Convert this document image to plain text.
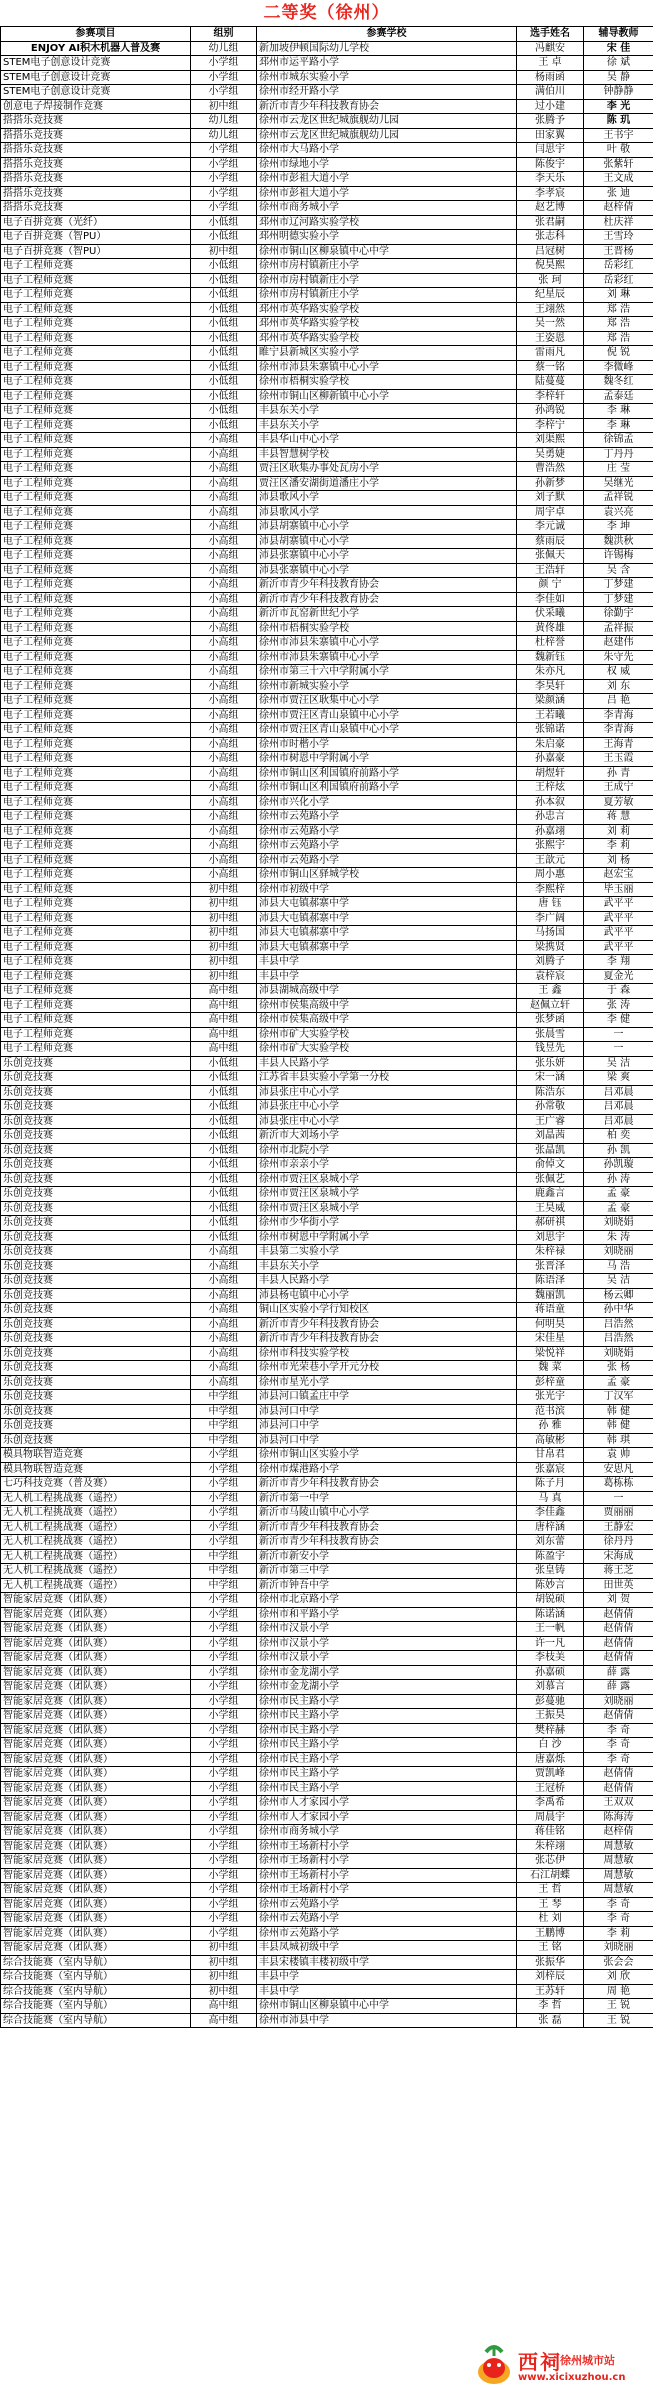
二等奖（徐州）
参赛项目	组别	参赛学校	选手姓名	辅导教师
ENJOY AI积木机器人普及赛	幼儿组	新加坡伊顿国际幼儿学校	冯麒安	宋 佳
STEM电子创意设计竞赛	小学组	邳州市运平路小学	王 卓	徐 斌
STEM电子创意设计竞赛	小学组	徐州市城东实验小学	杨雨函	吴 静
STEM电子创意设计竞赛	小学组	徐州市经开路小学	满伯川	钟静静
创意电子焊接制作竞赛	初中组	新沂市青少年科技教育协会	过小建	李 光
搭搭乐竞技赛	幼儿组	徐州市云龙区世纪城旗舰幼儿园	张腾予	陈 玑
搭搭乐竞技赛	幼儿组	徐州市云龙区世纪城旗舰幼儿园	田家翼	王书宇
搭搭乐竞技赛	小学组	徐州市大马路小学	闫思宇	叶 敬
搭搭乐竞技赛	小学组	徐州市绿地小学	陈俊宇	张紫轩
搭搭乐竞技赛	小学组	徐州市彭祖大道小学	李天乐	王文成
搭搭乐竞技赛	小学组	徐州市彭祖大道小学	李孝宸	张 迪
搭搭乐竞技赛	小学组	徐州市商务城小学	赵艺博	赵梓倩
电子百拼竞赛（光纤）	小低组	邳州市辽河路实验学校	张君嗣	杜庆祥
电子百拼竞赛（智PU）	小低组	邳州明德实验小学	张志科	王雪玲
电子百拼竞赛（智PU）	初中组	徐州市铜山区柳泉镇中心中学	吕冠树	王晋杨
电子工程师竞赛	小低组	徐州市房村镇新庄小学	倪昊熙	岳彩红
电子工程师竞赛	小低组	徐州市房村镇新庄小学	张 珂	岳彩红
电子工程师竞赛	小低组	徐州市房村镇新庄小学	纪星辰	刘 琳
电子工程师竞赛	小低组	邳州市英华路实验学校	王翊然	郑 浩
电子工程师竞赛	小低组	邳州市英华路实验学校	吴一然	郑 浩
电子工程师竞赛	小低组	邳州市英华路实验学校	王姿恩	郑 浩
电子工程师竞赛	小低组	睢宁县新城区实验小学	雷雨凡	倪 锐
电子工程师竞赛	小低组	徐州市沛县朱寨镇中心小学	蔡一铭	李微峰
电子工程师竞赛	小低组	徐州市梧桐实验学校	陆蔓蔓	魏冬红
电子工程师竞赛	小低组	徐州市铜山区柳新镇中心小学	李梓轩	孟泰廷
电子工程师竞赛	小低组	丰县东关小学	孙鸿锐	李 琳
电子工程师竞赛	小低组	丰县东关小学	李梓宁	李 琳
电子工程师竞赛	小高组	丰县华山中心小学	刘渠熙	徐锦孟
电子工程师竞赛	小高组	丰县智慧树学校	吴勇婕	丁丹丹
电子工程师竞赛	小高组	贾汪区耿集办事处瓦房小学	曹浩然	庄 莹
电子工程师竞赛	小高组	贾汪区潘安湖街道潘庄小学	孙新梦	吴继光
电子工程师竞赛	小高组	沛县歌风小学	刘子默	孟祥锐
电子工程师竞赛	小高组	沛县歌风小学	周宇卓	袁兴亮
电子工程师竞赛	小高组	沛县胡寨镇中心小学	李元诚	李 坤
电子工程师竞赛	小高组	沛县胡寨镇中心小学	蔡雨辰	魏洪秋
电子工程师竞赛	小高组	沛县张寨镇中心小学	张佩天	许锡梅
电子工程师竞赛	小高组	沛县张寨镇中心小学	王浩轩	吴 含
电子工程师竞赛	小高组	新沂市青少年科技教育协会	颜 宁	丁梦建
电子工程师竞赛	小高组	新沂市青少年科技教育协会	李佳如	丁梦建
电子工程师竞赛	小高组	新沂市瓦窑新世纪小学	伏采曦	徐勤宇
电子工程师竞赛	小高组	徐州市梧桐实验学校	黄佟雄	孟祥振
电子工程师竞赛	小高组	徐州市沛县朱寨镇中心小学	杜梓誉	赵建伟
电子工程师竞赛	小高组	徐州市沛县朱寨镇中心小学	魏新钰	朱守先
电子工程师竞赛	小高组	徐州市第三十六中学附属小学	朱亦凡	权 威
电子工程师竞赛	小高组	徐州市新城实验小学	李昊轩	刘 东
电子工程师竞赛	小高组	徐州市贾汪区耿集中心小学	梁颜涵	吕 艳
电子工程师竞赛	小高组	徐州市贾汪区青山泉镇中心小学	王若曦	李青海
电子工程师竞赛	小高组	徐州市贾汪区青山泉镇中心小学	张锦诺	李青海
电子工程师竞赛	小高组	徐州市时楷小学	朱启豪	王海青
电子工程师竞赛	小高组	徐州市树恩中学附属小学	孙嘉豪	王玉霞
电子工程师竞赛	小高组	徐州市铜山区利国镇府前路小学	胡煜轩	孙 青
电子工程师竞赛	小高组	徐州市铜山区利国镇府前路小学	王梓炫	王成宁
电子工程师竞赛	小高组	徐州市兴化小学	孙本叙	夏芳敏
电子工程师竞赛	小高组	徐州市云苑路小学	孙忠言	蒋 慧
电子工程师竞赛	小高组	徐州市云苑路小学	孙嘉翊	刘 莉
电子工程师竞赛	小高组	徐州市云苑路小学	张熙宇	李 莉
电子工程师竞赛	小高组	徐州市云苑路小学	王歆元	刘 杨
电子工程师竞赛	小高组	徐州市铜山区驿城学校	周小惠	赵宏宝
电子工程师竞赛	初中组	徐州市初级中学	李熙梓	毕玉丽
电子工程师竞赛	初中组	沛县大屯镇郝寨中学	唐 钰	武平平
电子工程师竞赛	初中组	沛县大屯镇郝寨中学	李广阔	武平平
电子工程师竞赛	初中组	沛县大屯镇郝寨中学	马扬国	武平平
电子工程师竞赛	初中组	沛县大屯镇郝寨中学	梁携贤	武平平
电子工程师竞赛	初中组	丰县中学	刘腾子	李 翔
电子工程师竞赛	初中组	丰县中学	袁梓宸	夏金光
电子工程师竞赛	高中组	沛县湖城高级中学	王 鑫	于 森
电子工程师竞赛	高中组	徐州市侯集高级中学	赵佩立轩	张 涛
电子工程师竞赛	高中组	徐州市侯集高级中学	张梦函	李 健
电子工程师竞赛	高中组	徐州市矿大实验学校	张晨雪	一
电子工程师竞赛	高中组	徐州市矿大实验学校	钱昱先	一
乐创竞技赛	小低组	丰县人民路小学	张乐妍	吴 洁
乐创竞技赛	小低组	江苏省丰县实验小学第一分校	宋一涵	梁 爽
乐创竞技赛	小低组	沛县张庄中心小学	陈浩东	吕邓晨
乐创竞技赛	小低组	沛县张庄中心小学	孙常敬	吕邓晨
乐创竞技赛	小低组	沛县张庄中心小学	王广睿	吕邓晨
乐创竞技赛	小低组	新沂市大刘场小学	刘晶茜	柏 奕
乐创竞技赛	小低组	徐州市北院小学	张晶凯	孙 凯
乐创竞技赛	小低组	徐州市亲亲小学	俞倬文	孙凯璇
乐创竞技赛	小低组	徐州市贾汪区泉城小学	张佩艺	孙 涛
乐创竞技赛	小低组	徐州市贾汪区泉城小学	鹿鑫言	孟 豪
乐创竞技赛	小低组	徐州市贾汪区泉城小学	王昊威	孟 豪
乐创竞技赛	小低组	徐州市少华街小学	郝研祺	刘晓娟
乐创竞技赛	小低组	徐州市树恩中学附属小学	刘思宇	朱 涛
乐创竞技赛	小高组	丰县第二实验小学	朱梓禄	刘晓丽
乐创竞技赛	小高组	丰县东关小学	张晋泽	马 浩
乐创竞技赛	小高组	丰县人民路小学	陈语泽	吴 洁
乐创竞技赛	小高组	沛县杨屯镇中心小学	魏丽凯	杨云卿
乐创竞技赛	小高组	铜山区实验小学行知校区	蒋语童	孙中华
乐创竞技赛	小高组	新沂市青少年科技教育协会	何明昊	吕浩然
乐创竞技赛	小高组	新沂市青少年科技教育协会	宋佳星	吕浩然
乐创竞技赛	小高组	徐州市科技实验学校	梁悦祥	刘晓娟
乐创竞技赛	小高组	徐州市光荣巷小学开元分校	魏 菜	张 杨
乐创竞技赛	小高组	徐州市星光小学	彭梓童	孟 豪
乐创竞技赛	中学组	沛县河口镇孟庄中学	张光宇	丁汉军
乐创竞技赛	中学组	沛县河口中学	范书滨	韩 健
乐创竞技赛	中学组	沛县河口中学	孙 雅	韩 健
乐创竞技赛	中学组	沛县河口中学	高敏彬	韩 琪
模具物联智造竞赛	小学组	徐州市铜山区实验小学	甘帛君	袁 帅
模具物联智造竞赛	小学组	徐州市煤港路小学	张嘉宸	安思凡
七巧科技竞赛（普及赛）	小学组	新沂市青少年科技教育协会	陈子月	葛栋栋
无人机工程挑战赛（遥控）	小学组	新沂市第一中学	马 真	一
无人机工程挑战赛（遥控）	小学组	新沂市马陵山镇中心小学	李佳鑫	贾丽丽
无人机工程挑战赛（遥控）	小学组	新沂市青少年科技教育协会	唐梓涵	王静宏
无人机工程挑战赛（遥控）	小学组	新沂市青少年科技教育协会	刘东蕾	徐丹丹
无人机工程挑战赛（遥控）	中学组	新沂市新安小学	陈盈宇	宋海成
无人机工程挑战赛（遥控）	中学组	新沂市第三中学	张皇铸	蒋王芝
无人机工程挑战赛（遥控）	中学组	新沂市钟吾中学	陈妙言	田世英
智能家居竞赛（团队赛）	小学组	徐州市北京路小学	胡锐硕	刘 贺
智能家居竞赛（团队赛）	小学组	徐州市和平路小学	陈诺涵	赵倩倩
智能家居竞赛（团队赛）	小学组	徐州市汉景小学	王一帆	赵倩倩
智能家居竞赛（团队赛）	小学组	徐州市汉景小学	许一凡	赵倩倩
智能家居竞赛（团队赛）	小学组	徐州市汉景小学	李枝美	赵倩倩
智能家居竞赛（团队赛）	小学组	徐州市金龙湖小学	孙嘉硕	薛 露
智能家居竞赛（团队赛）	小学组	徐州市金龙湖小学	刘慕言	薛 露
智能家居竞赛（团队赛）	小学组	徐州市民主路小学	彭蔓驰	刘晓丽
智能家居竞赛（团队赛）	小学组	徐州市民主路小学	王振昊	赵倩倩
智能家居竞赛（团队赛）	小学组	徐州市民主路小学	樊梓赫	李 奇
智能家居竞赛（团队赛）	小学组	徐州市民主路小学	白 沙	李 奇
智能家居竞赛（团队赛）	小学组	徐州市民主路小学	唐嘉烁	李 奇
智能家居竞赛（团队赛）	小学组	徐州市民主路小学	贾凯峰	赵倩倩
智能家居竞赛（团队赛）	小学组	徐州市民主路小学	王冠桥	赵倩倩
智能家居竞赛（团队赛）	小学组	徐州市人才家园小学	李禹希	王双双
智能家居竞赛（团队赛）	小学组	徐州市人才家园小学	周晨宇	陈海涛
智能家居竞赛（团队赛）	小学组	徐州市商务城小学	蒋佳铭	赵梓倩
智能家居竞赛（团队赛）	小学组	徐州市王场新村小学	朱梓翊	周慧敏
智能家居竞赛（团队赛）	小学组	徐州市王场新村小学	张芯伊	周慧敏
智能家居竞赛（团队赛）	小学组	徐州市王场新村小学	石江胡蝶	周慧敏
智能家居竞赛（团队赛）	小学组	徐州市王场新村小学	王 哲	周慧敏
智能家居竞赛（团队赛）	小学组	徐州市云苑路小学	王 琴	李 奇
智能家居竞赛（团队赛）	小学组	徐州市云苑路小学	杜 刘	李 奇
智能家居竞赛（团队赛）	小学组	徐州市云苑路小学	王鹏博	李 莉
智能家居竞赛（团队赛）	初中组	丰县凤城初级中学	王 铭	刘晓丽
综合技能赛（室内导航）	初中组	丰县宋楼镇丰楼初级中学	张振华	张会会
综合技能赛（室内导航）	初中组	丰县中学	刘梓辰	刘 欣
综合技能赛（室内导航）	初中组	丰县中学	王苏轩	周 艳
综合技能赛（室内导航）	高中组	徐州市铜山区柳泉镇中心中学	李 哲	王 锐
综合技能赛（室内导航）	高中组	徐州市沛县中学	张 磊	王 锐
西祠
徐州城市站
www.xicixuzhou.cn
